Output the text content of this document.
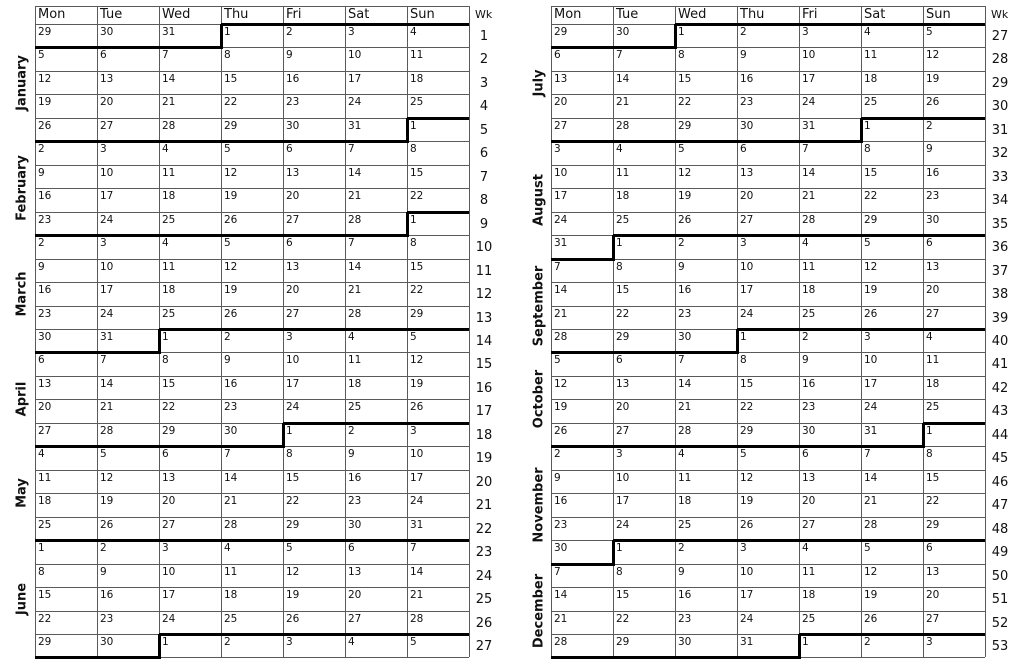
Mon	Tue	Wed	Thu	Fri	Sat	Sun	Wk
29	30	31	1	2	3	4	1
5	6	7	8	9	10	11	2
12	13	14	15	16	17	18	3
19	20	21	22	23	24	25	4
26	27	28	29	30	31	1	5
2	3	4	5	6	7	8	6
9	10	11	12	13	14	15	7
16	17	18	19	20	21	22	8
23	24	25	26	27	28	1	9
2	3	4	5	6	7	8	10
9	10	11	12	13	14	15	11
16	17	18	19	20	21	22	12
23	24	25	26	27	28	29	13
30	31	1	2	3	4	5	14
6	7	8	9	10	11	12	15
13	14	15	16	17	18	19	16
20	21	22	23	24	25	26	17
27	28	29	30	1	2	3	18
4	5	6	7	8	9	10	19
11	12	13	14	15	16	17	20
18	19	20	21	22	23	24	21
25	26	27	28	29	30	31	22
1	2	3	4	5	6	7	23
8	9	10	11	12	13	14	24
15	16	17	18	19	20	21	25
22	23	24	25	26	27	28	26
29	30	1	2	3	4	5	27
January
February
March
April
May
June
Mon	Tue	Wed	Thu	Fri	Sat	Sun	Wk
29	30	1	2	3	4	5	27
6	7	8	9	10	11	12	28
13	14	15	16	17	18	19	29
20	21	22	23	24	25	26	30
27	28	29	30	31	1	2	31
3	4	5	6	7	8	9	32
10	11	12	13	14	15	16	33
17	18	19	20	21	22	23	34
24	25	26	27	28	29	30	35
31	1	2	3	4	5	6	36
7	8	9	10	11	12	13	37
14	15	16	17	18	19	20	38
21	22	23	24	25	26	27	39
28	29	30	1	2	3	4	40
5	6	7	8	9	10	11	41
12	13	14	15	16	17	18	42
19	20	21	22	23	24	25	43
26	27	28	29	30	31	1	44
2	3	4	5	6	7	8	45
9	10	11	12	13	14	15	46
16	17	18	19	20	21	22	47
23	24	25	26	27	28	29	48
30	1	2	3	4	5	6	49
7	8	9	10	11	12	13	50
14	15	16	17	18	19	20	51
21	22	23	24	25	26	27	52
28	29	30	31	1	2	3	53
July
August
September
October
November
December
